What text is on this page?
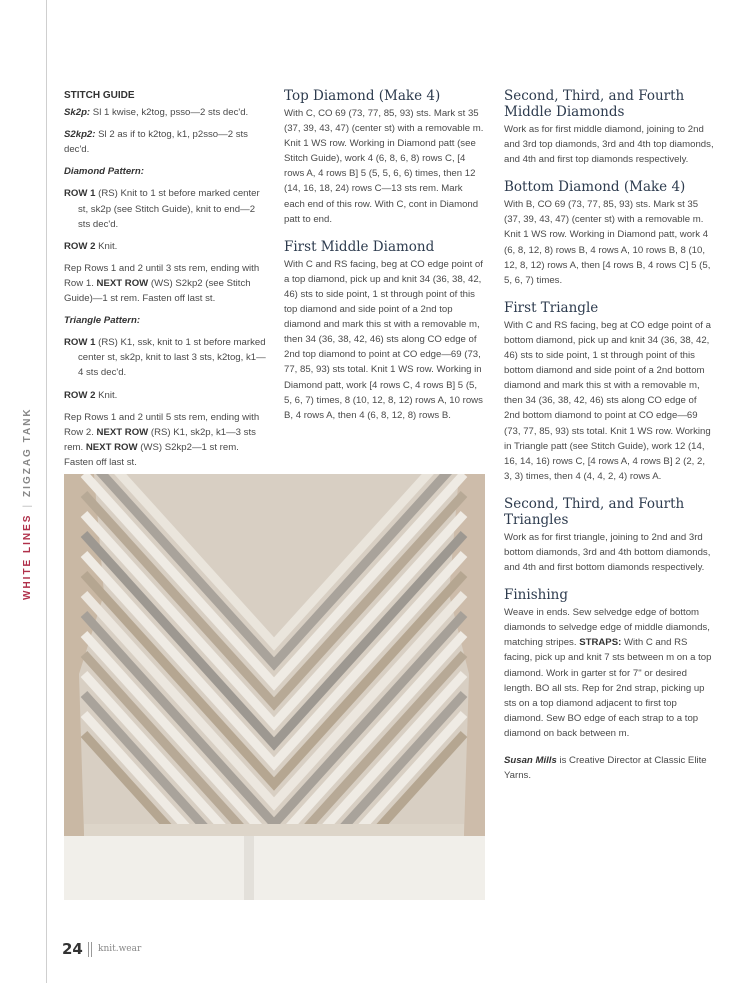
WHITE LINES|ZIGZAG TANK
STITCH GUIDE

Sk2p: Sl 1 kwise, k2tog, psso—2 sts dec'd.

S2kp2: Sl 2 as if to k2tog, k1, p2sso—2 sts dec'd.

Diamond Pattern:

ROW 1 (RS) Knit to 1 st before marked center st, sk2p (see Stitch Guide), knit to end—2 sts dec'd.

ROW 2 Knit.

Rep Rows 1 and 2 until 3 sts rem, ending with Row 1. NEXT ROW (WS) S2kp2 (see Stitch Guide)—1 st rem. Fasten off last st.

Triangle Pattern:

ROW 1 (RS) K1, ssk, knit to 1 st before marked center st, sk2p, knit to last 3 sts, k2tog, k1—4 sts dec'd.

ROW 2 Knit.

Rep Rows 1 and 2 until 5 sts rem, ending with Row 2. NEXT ROW (RS) K1, sk2p, k1—3 sts rem. NEXT ROW (WS) S2kp2—1 st rem. Fasten off last st.

Top Diamond (Make 4)

With C, CO 69 (73, 77, 85, 93) sts. Mark st 35 (37, 39, 43, 47) (center st) with a removable m. Knit 1 WS row. Working in Diamond patt (see Stitch Guide), work 4 (6, 8, 6, 8) rows C, [4 rows A, 4 rows B] 5 (5, 5, 6, 6) times, then 12 (14, 16, 18, 24) rows C—13 sts rem. Mark each end of this row. With C, cont in Diamond patt to end.

First Middle Diamond

With C and RS facing, beg at CO edge point of a top diamond, pick up and knit 34 (36, 38, 42, 46) sts to side point, 1 st through point of this top diamond and side point of a 2nd top diamond and mark this st with a removable m, then 34 (36, 38, 42, 46) sts along CO edge of 2nd top diamond to point at CO edge—69 (73, 77, 85, 93) sts total. Knit 1 WS row. Working in Diamond patt, work [4 rows C, 4 rows B] 5 (5, 5, 6, 7) times, 8 (10, 12, 8, 12) rows A, 10 rows B, 4 rows A, then 4 (6, 8, 12, 8) rows B.

Second, Third, and Fourth Middle Diamonds

Work as for first middle diamond, joining to 2nd and 3rd top diamonds, 3rd and 4th top diamonds, and 4th and first top diamonds respectively.

Bottom Diamond (Make 4)

With B, CO 69 (73, 77, 85, 93) sts. Mark st 35 (37, 39, 43, 47) (center st) with a removable m. Knit 1 WS row. Working in Diamond patt, work 4 (6, 8, 12, 8) rows B, 4 rows A, 10 rows B, 8 (10, 12, 8, 12) rows A, then [4 rows B, 4 rows C] 5 (5, 5, 6, 7) times.

First Triangle

With C and RS facing, beg at CO edge point of a bottom diamond, pick up and knit 34 (36, 38, 42, 46) sts to side point, 1 st through point of this bottom diamond and side point of a 2nd bottom diamond and mark this st with a removable m, then 34 (36, 38, 42, 46) sts along CO edge of 2nd bottom diamond to point at CO edge—69 (73, 77, 85, 93) sts total. Knit 1 WS row. Working in Triangle patt (see Stitch Guide), work 12 (14, 16, 14, 16) rows C, [4 rows A, 4 rows B] 2 (2, 2, 3, 3) times, then 4 (4, 4, 2, 4) rows A.

Second, Third, and Fourth Triangles

Work as for first triangle, joining to 2nd and 3rd bottom diamonds, 3rd and 4th bottom diamonds, and 4th and first bottom diamonds respectively.

Finishing

Weave in ends. Sew selvedge edge of bottom diamonds to selvedge edge of middle diamonds, matching stripes. STRAPS: With C and RS facing, pick up and knit 7 sts between m on a top diamond. Work in garter st for 7" or desired length. BO all sts. Rep for 2nd strap, picking up sts on a top diamond adjacent to first top diamond. Sew BO edge of each strap to a top diamond on back between m.

Susan Mills is Creative Director at Classic Elite Yarns.

24 knit.wear
